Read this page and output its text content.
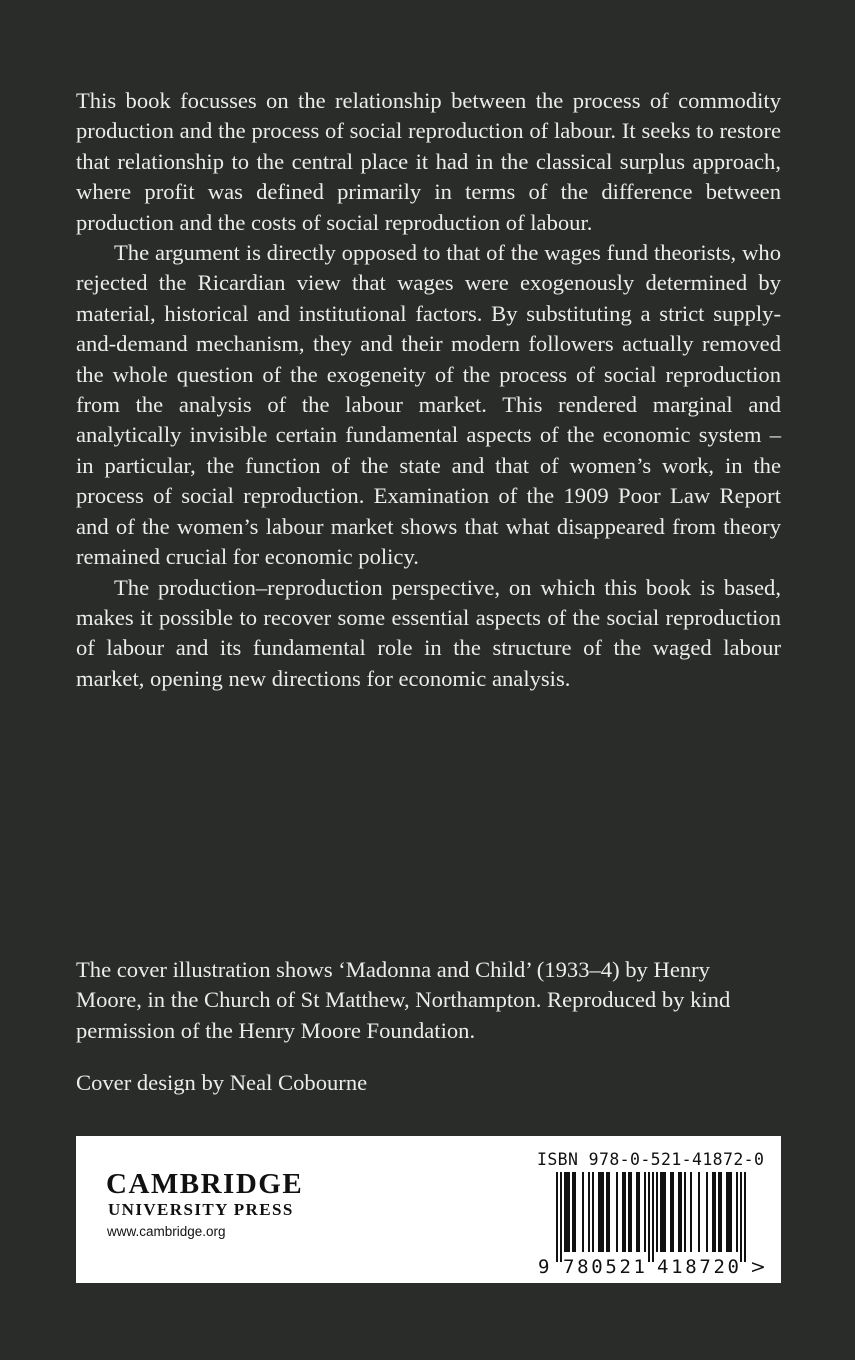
This book focusses on the relationship between the process of commodity production and the process of social reproduction of labour. It seeks to restore that relationship to the central place it had in the classical surplus approach, where profit was defined primarily in terms of the difference between production and the costs of social reproduction of labour.

The argument is directly opposed to that of the wages fund theorists, who rejected the Ricardian view that wages were exogenously determined by material, historical and institutional factors. By substituting a strict supply-and-demand mechanism, they and their modern followers actually removed the whole question of the exogeneity of the process of social reproduction from the analysis of the labour market. This rendered marginal and analytically invisible certain fundamental aspects of the economic system – in particular, the function of the state and that of women’s work, in the process of social reproduction. Examination of the 1909 Poor Law Report and of the women’s labour market shows that what disappeared from theory remained crucial for economic policy.

The production–reproduction perspective, on which this book is based, makes it possible to recover some essential aspects of the social reproduction of labour and its fundamental role in the structure of the waged labour market, opening new directions for economic analysis.

The cover illustration shows ‘Madonna and Child’ (1933–4) by Henry Moore, in the Church of St Matthew, Northampton. Reproduced by kind permission of the Henry Moore Foundation.

Cover design by Neal Cobourne

CAMBRIDGE
UNIVERSITY PRESS
www.cambridge.org
ISBN 978-0-521-41872-0
9 780521 418720 >
